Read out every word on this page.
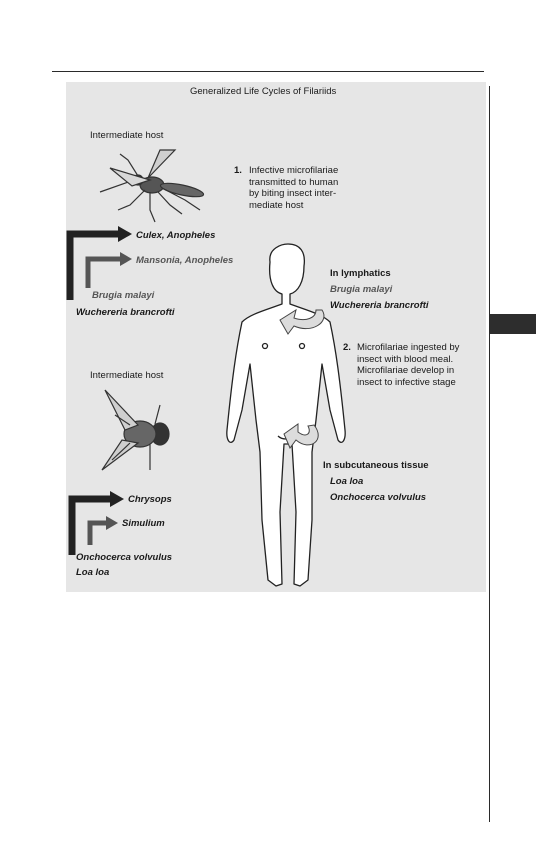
Generalized Life Cycles of Filariids
Intermediate host
Culex, Anopheles
Mansonia, Anopheles
Brugia malayi
Wuchereria brancrofti
Intermediate host
Chrysops
Simulium
Onchocerca volvulus
Loa loa
1. Infective microfilariae
transmitted to human
by biting insect inter-
mediate host
In lymphatics
Brugia malayi
Wuchereria brancrofti
2. Microfilariae ingested by
insect with blood meal.
Microfilariae develop in
insect to infective stage
In subcutaneous tissue
Loa loa
Onchocerca volvulus
